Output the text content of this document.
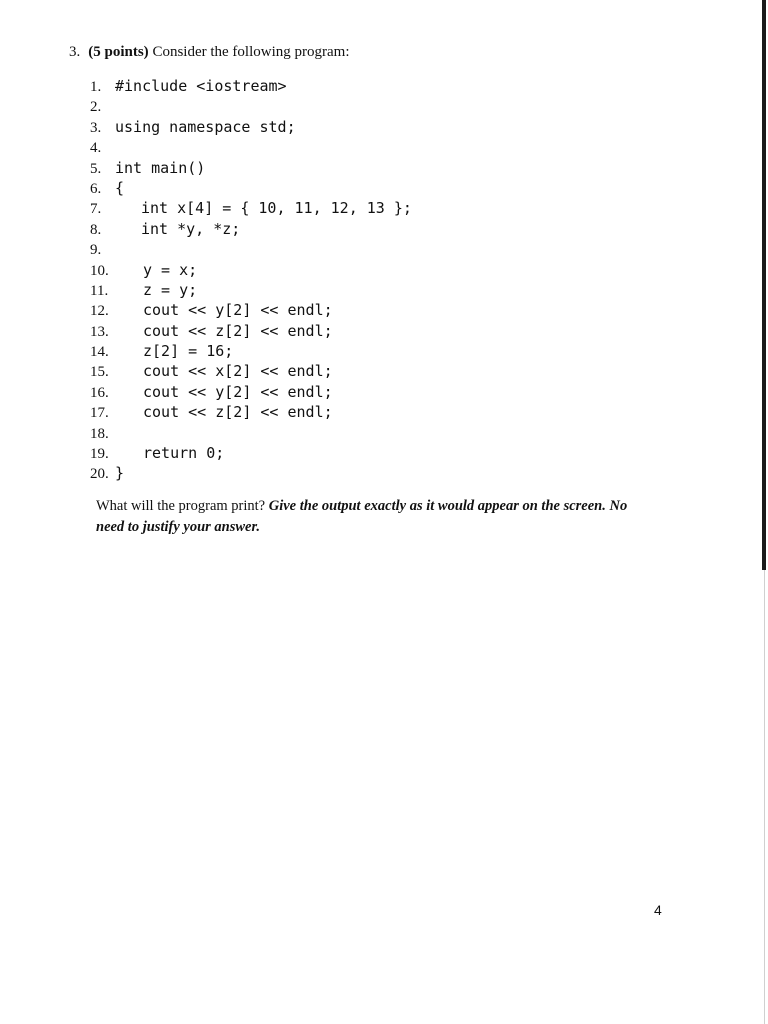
3. (5 points) Consider the following program:
1. #include <iostream>
2.
3. using namespace std;
4.
5. int main()
6. {
7.	int x[4] = { 10, 11, 12, 13 };
8.	int *y, *z;
9.
10. y = x;
11. z = y;
12. cout << y[2] << endl;
13. cout << z[2] << endl;
14. z[2] = 16;
15. cout << x[2] << endl;
16. cout << y[2] << endl;
17. cout << z[2] << endl;
18.
19. return 0;
20. }
What will the program print? Give the output exactly as it would appear on the screen. No need to justify your answer.
4
